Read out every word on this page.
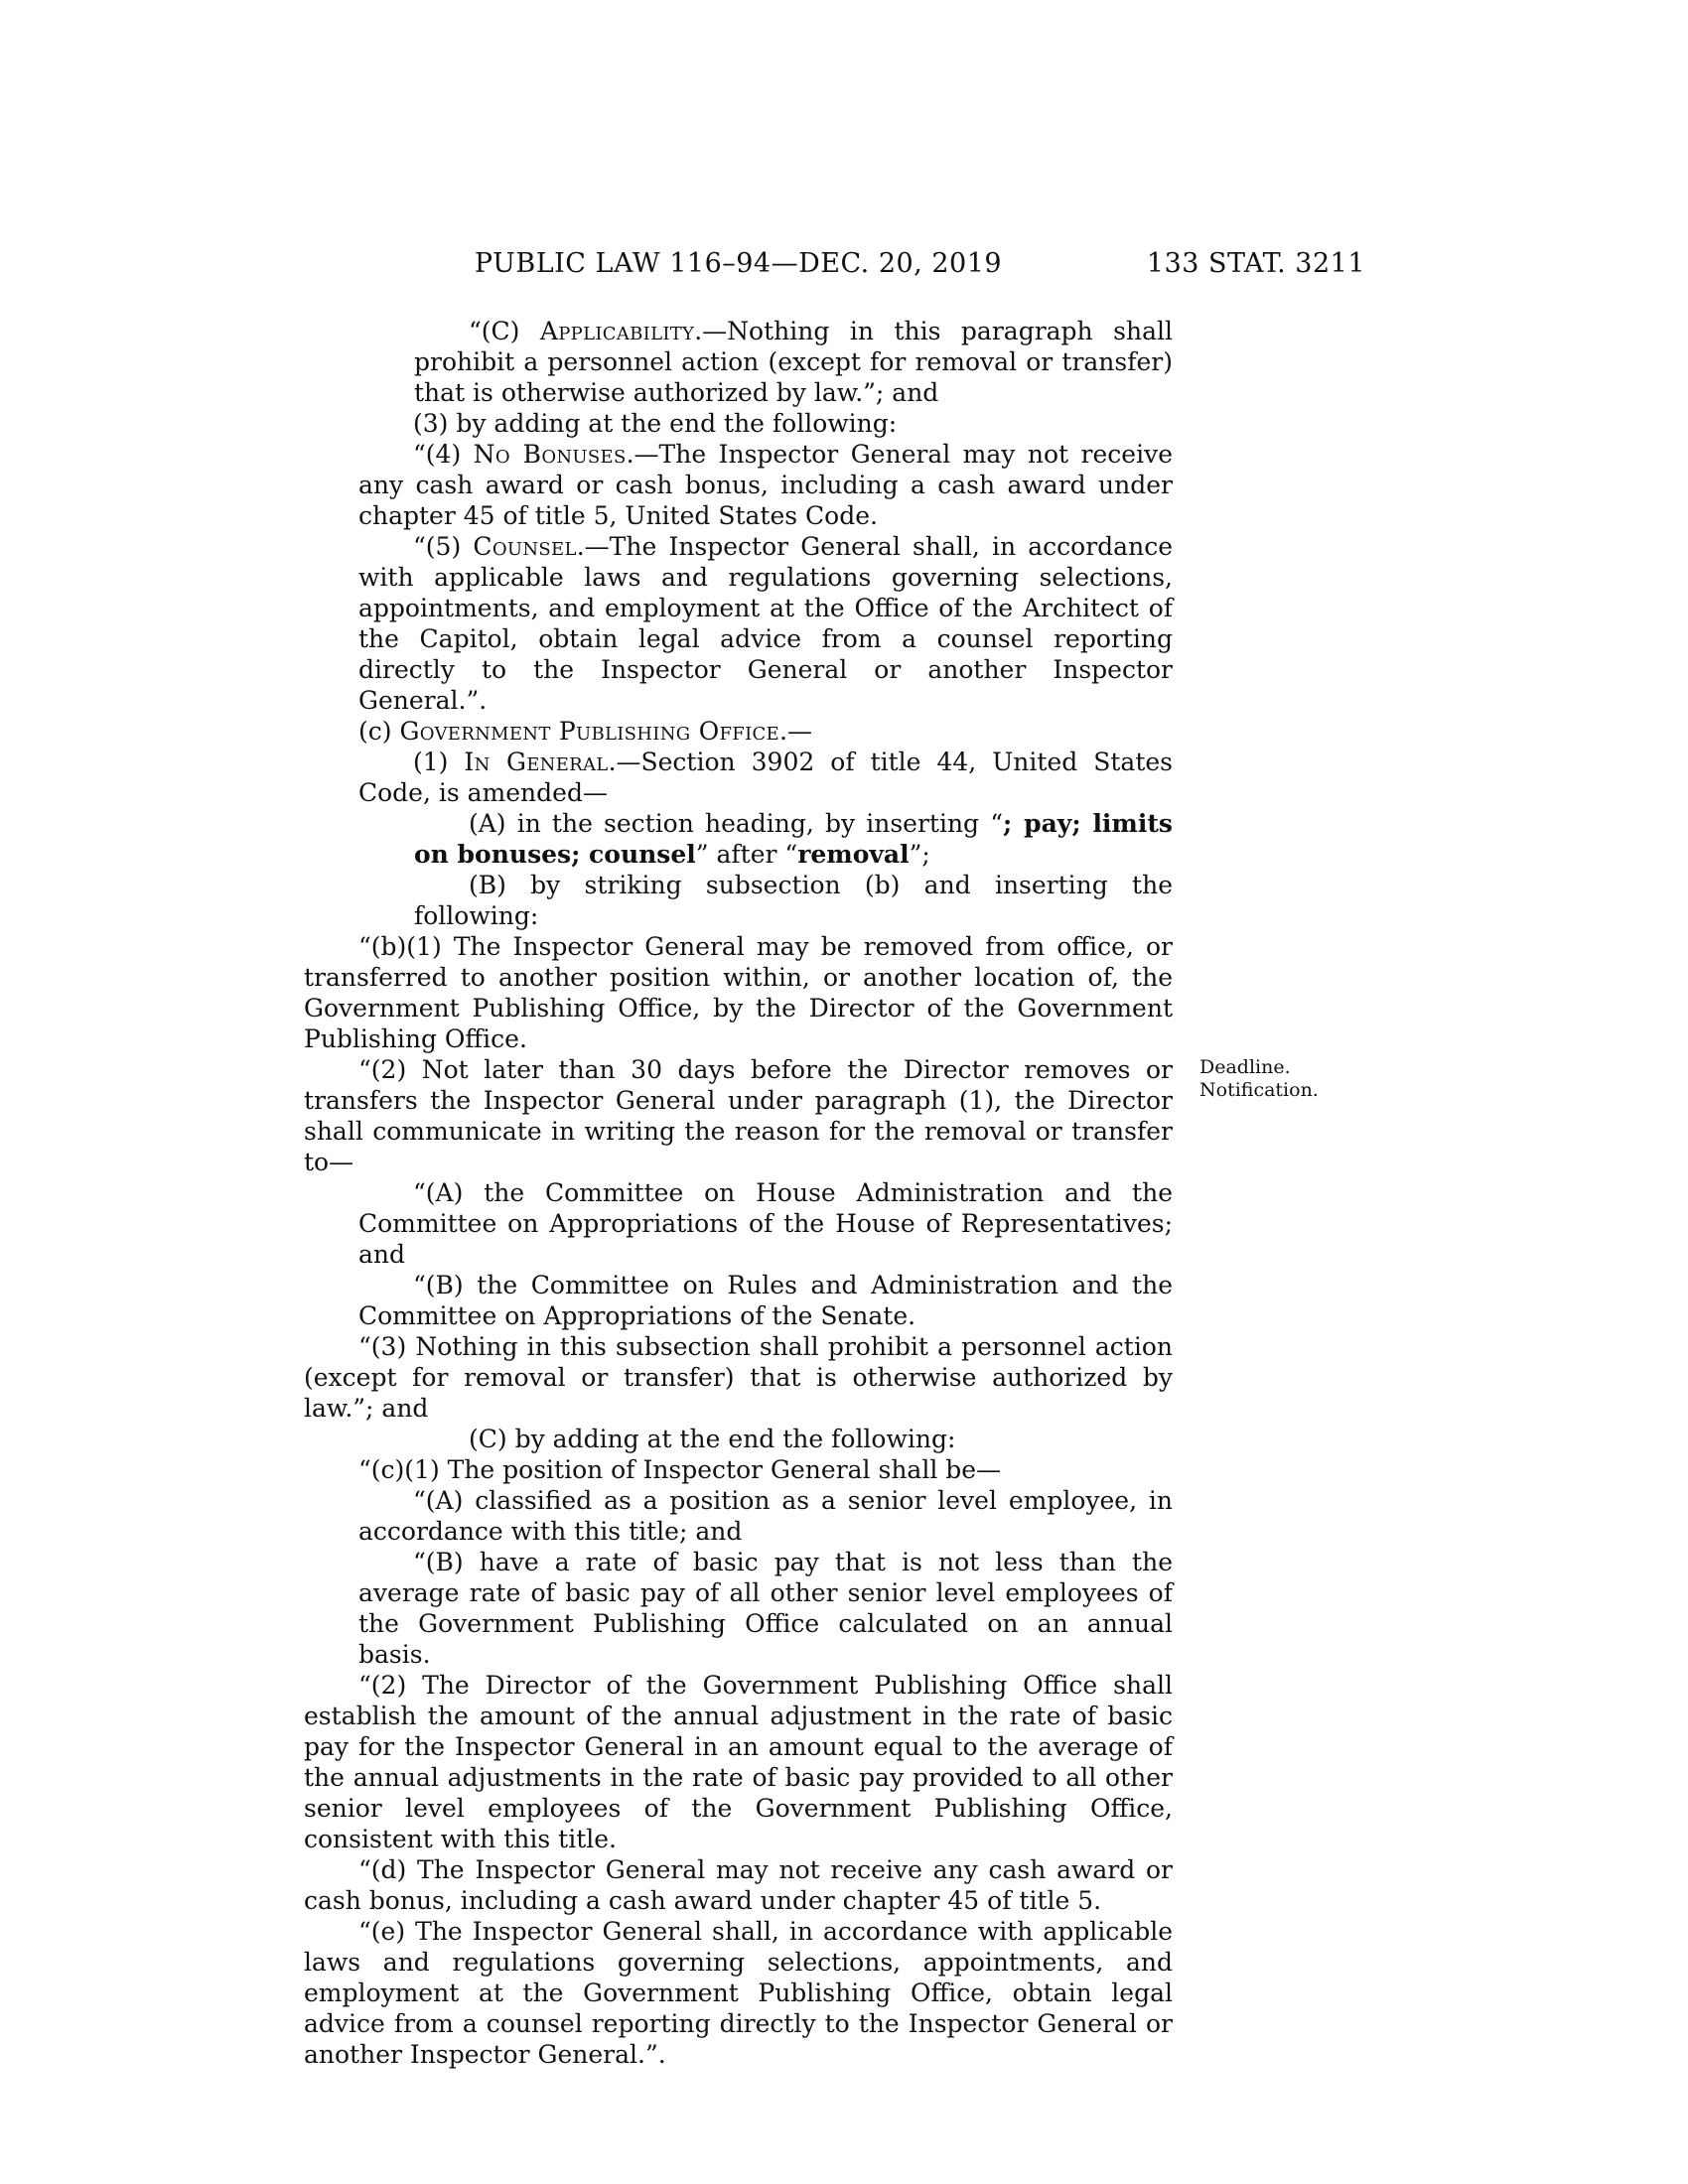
PUBLIC LAW 116–94—DEC. 20, 2019	133 STAT. 3211
“(C) Applicability.—Nothing in this paragraph shall prohibit a personnel action (except for removal or transfer) that is otherwise authorized by law.”; and
(3) by adding at the end the following:
“(4) No Bonuses.—The Inspector General may not receive any cash award or cash bonus, including a cash award under chapter 45 of title 5, United States Code.
“(5) Counsel.—The Inspector General shall, in accordance with applicable laws and regulations governing selections, appointments, and employment at the Office of the Architect of the Capitol, obtain legal advice from a counsel reporting directly to the Inspector General or another Inspector General.”.
(c) Government Publishing Office.—
(1) In General.—Section 3902 of title 44, United States Code, is amended—
(A) in the section heading, by inserting “; pay; limits on bonuses; counsel” after “removal”;
(B) by striking subsection (b) and inserting the following:
“(b)(1) The Inspector General may be removed from office, or transferred to another position within, or another location of, the Government Publishing Office, by the Director of the Government Publishing Office.
“(2) Not later than 30 days before the Director removes or transfers the Inspector General under paragraph (1), the Director shall communicate in writing the reason for the removal or transfer to—
Deadline.
Notification.
“(A) the Committee on House Administration and the Committee on Appropriations of the House of Representatives; and
“(B) the Committee on Rules and Administration and the Committee on Appropriations of the Senate.
“(3) Nothing in this subsection shall prohibit a personnel action (except for removal or transfer) that is otherwise authorized by law.”; and
(C) by adding at the end the following:
“(c)(1) The position of Inspector General shall be—
“(A) classified as a position as a senior level employee, in accordance with this title; and
“(B) have a rate of basic pay that is not less than the average rate of basic pay of all other senior level employees of the Government Publishing Office calculated on an annual basis.
“(2) The Director of the Government Publishing Office shall establish the amount of the annual adjustment in the rate of basic pay for the Inspector General in an amount equal to the average of the annual adjustments in the rate of basic pay provided to all other senior level employees of the Government Publishing Office, consistent with this title.
“(d) The Inspector General may not receive any cash award or cash bonus, including a cash award under chapter 45 of title 5.
“(e) The Inspector General shall, in accordance with applicable laws and regulations governing selections, appointments, and employment at the Government Publishing Office, obtain legal advice from a counsel reporting directly to the Inspector General or another Inspector General.”.
